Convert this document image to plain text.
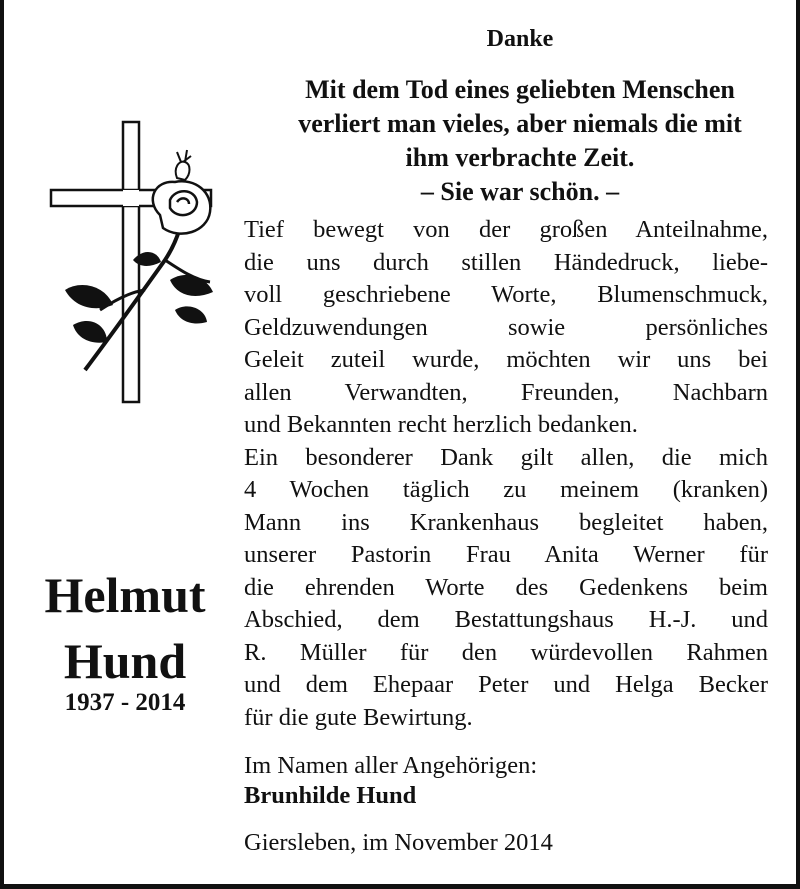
Danke
Mit dem Tod eines geliebten Menschen
verliert man vieles, aber niemals die mit
ihm verbrachte Zeit.
– Sie war schön. –
Tief bewegt von der großen Anteilnahme,
die uns durch stillen Händedruck, liebe-
voll geschriebene Worte, Blumenschmuck,
Geldzuwendungen sowie persönliches
Geleit zuteil wurde, möchten wir uns bei
allen Verwandten, Freunden, Nachbarn
und Bekannten recht herzlich bedanken.
Ein besonderer Dank gilt allen, die mich
4 Wochen täglich zu meinem (kranken)
Mann ins Krankenhaus begleitet haben,
unserer Pastorin Frau Anita Werner für
die ehrenden Worte des Gedenkens beim
Abschied, dem Bestattungshaus H.-J. und
R. Müller für den würdevollen Rahmen
und dem Ehepaar Peter und Helga Becker
für die gute Bewirtung.
Helmut
Hund
1937 - 2014
Im Namen aller Angehörigen:
Brunhilde Hund
Giersleben, im November 2014
